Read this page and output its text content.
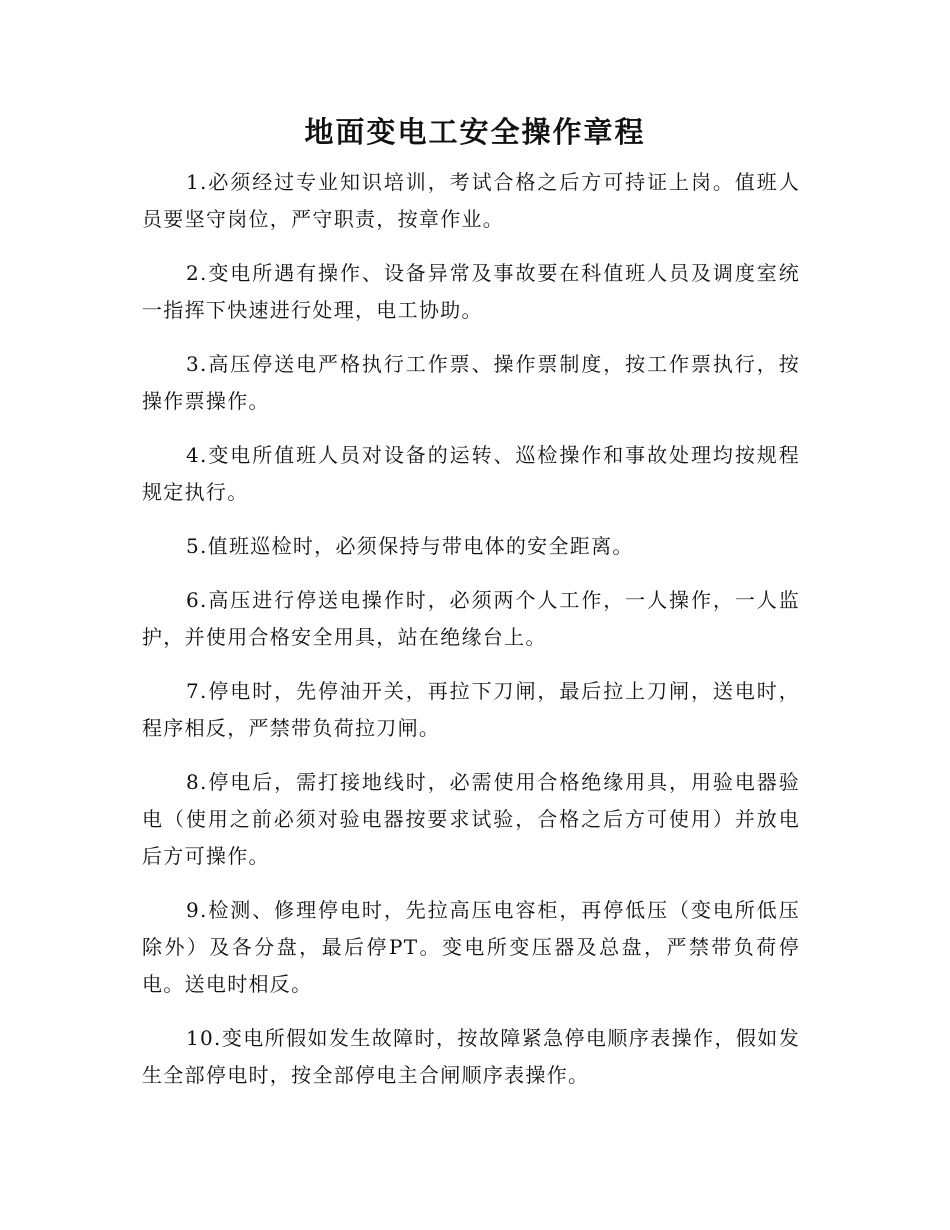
地面变电工安全操作章程

1.必须经过专业知识培训，考试合格之后方可持证上岗。值班人员要坚守岗位，严守职责，按章作业。

2.变电所遇有操作、设备异常及事故要在科值班人员及调度室统一指挥下快速进行处理，电工协助。

3.高压停送电严格执行工作票、操作票制度，按工作票执行，按操作票操作。

4.变电所值班人员对设备的运转、巡检操作和事故处理均按规程规定执行。

5.值班巡检时，必须保持与带电体的安全距离。

6.高压进行停送电操作时，必须两个人工作，一人操作，一人监护，并使用合格安全用具，站在绝缘台上。

7.停电时，先停油开关，再拉下刀闸，最后拉上刀闸，送电时，程序相反，严禁带负荷拉刀闸。

8.停电后，需打接地线时，必需使用合格绝缘用具，用验电器验电（使用之前必须对验电器按要求试验，合格之后方可使用）并放电后方可操作。

9.检测、修理停电时，先拉高压电容柜，再停低压（变电所低压除外）及各分盘，最后停PT。变电所变压器及总盘，严禁带负荷停电。送电时相反。

10.变电所假如发生故障时，按故障紧急停电顺序表操作，假如发生全部停电时，按全部停电主合闸顺序表操作。
